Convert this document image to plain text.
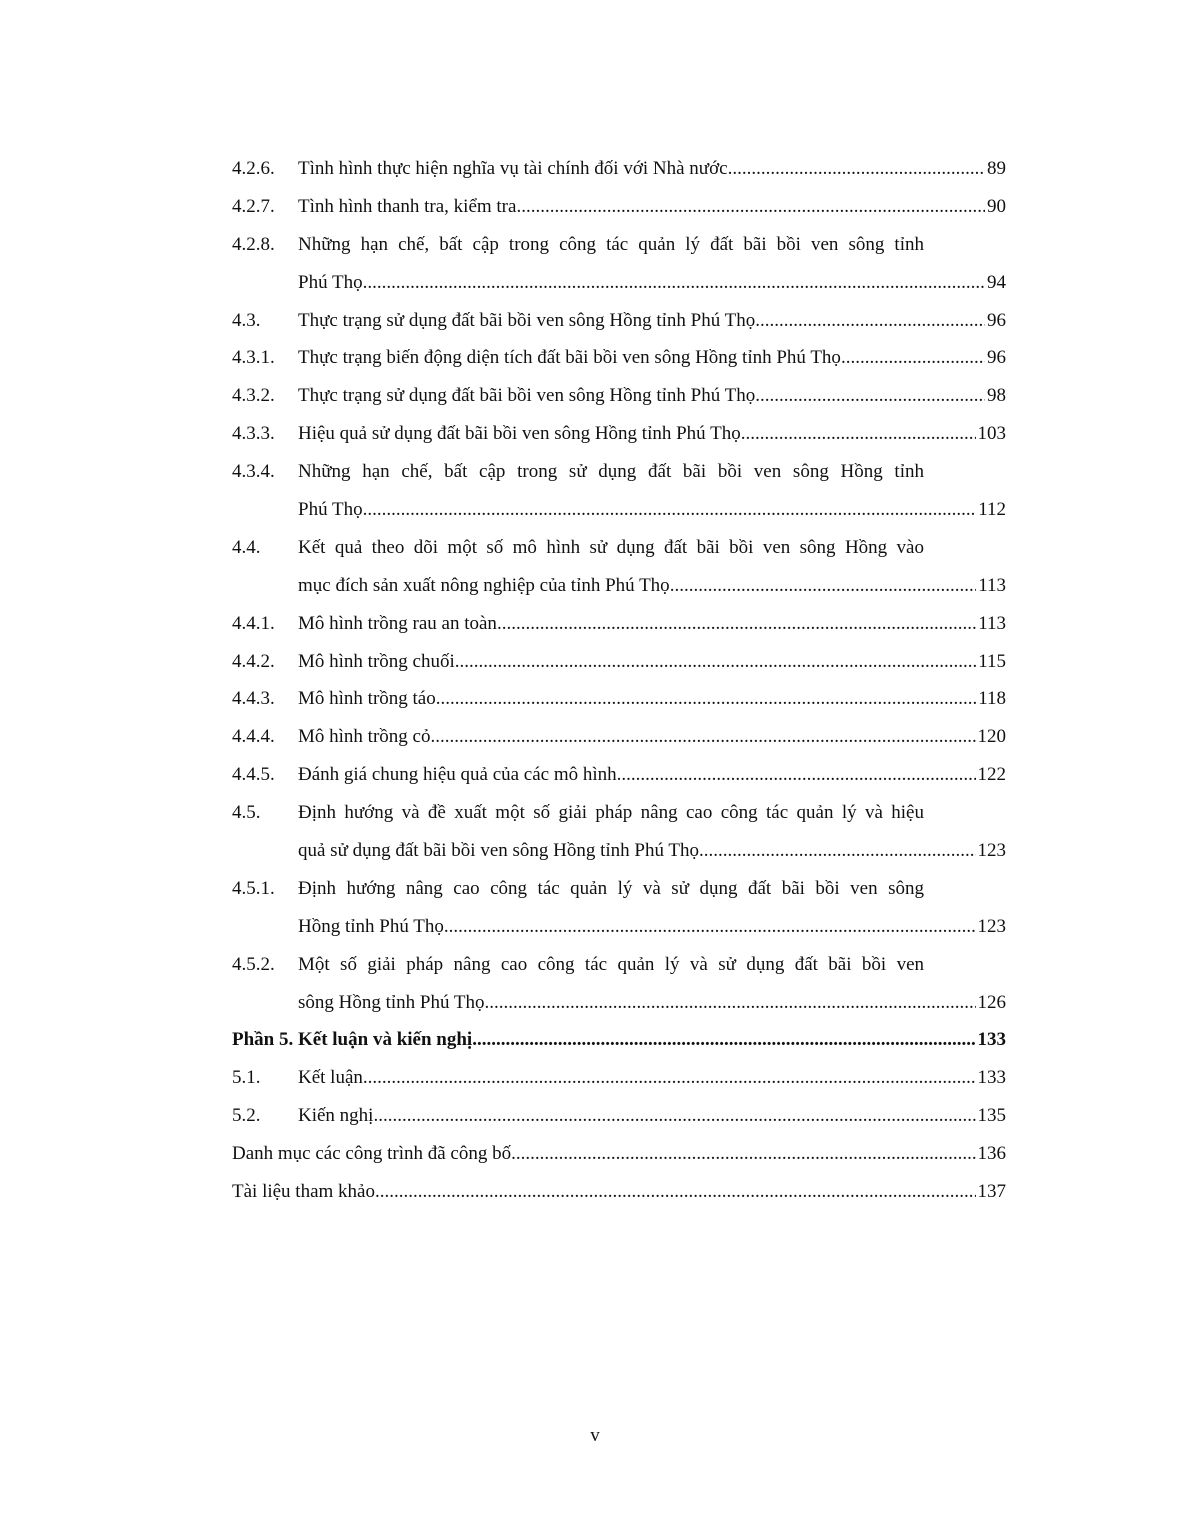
4.2.6.	Tình hình thực hiện nghĩa vụ tài chính đối với Nhà nước .....	89
4.2.7.	Tình hình thanh tra, kiểm tra .....	90
4.2.8.	Những hạn chế, bất cập trong công tác quản lý đất bãi bồi ven sông tỉnh
Phú Thọ .....	94
4.3.	Thực trạng sử dụng đất bãi bồi ven sông Hồng tỉnh Phú Thọ .....	96
4.3.1.	Thực trạng biến động diện tích đất bãi bồi ven sông Hồng tỉnh Phú Thọ .....	96
4.3.2.	Thực trạng sử dụng đất bãi bồi ven sông Hồng tỉnh Phú Thọ .....	98
4.3.3.	Hiệu quả sử dụng đất bãi bồi ven sông Hồng tỉnh Phú Thọ .....	103
4.3.4.	Những hạn chế, bất cập trong sử dụng đất bãi bồi ven sông Hồng tỉnh
Phú Thọ .....	112
4.4.	Kết quả theo dõi một số mô hình sử dụng đất bãi bồi ven sông Hồng vào
mục đích sản xuất nông nghiệp của tỉnh Phú Thọ .....	113
4.4.1.	Mô hình trồng rau an toàn .....	113
4.4.2.	Mô hình trồng chuối .....	115
4.4.3.	Mô hình trồng táo .....	118
4.4.4.	Mô hình trồng cỏ .....	120
4.4.5.	Đánh giá chung hiệu quả của các mô hình .....	122
4.5.	Định hướng và đề xuất một số giải pháp nâng cao công tác quản lý và hiệu
quả sử dụng đất bãi bồi ven sông Hồng tỉnh Phú Thọ .....	123
4.5.1.	Định hướng nâng cao công tác quản lý và sử dụng đất bãi bồi ven sông
Hồng tỉnh Phú Thọ .....	123
4.5.2.	Một số giải pháp nâng cao công tác quản lý và sử dụng đất bãi bồi ven
sông Hồng tỉnh Phú Thọ .....	126
Phần 5. Kết luận và kiến nghị .....	133
5.1.	Kết luận .....	133
5.2.	Kiến nghị .....	135
Danh mục các công trình đã công bố .....	136
Tài liệu tham khảo .....	137
v
